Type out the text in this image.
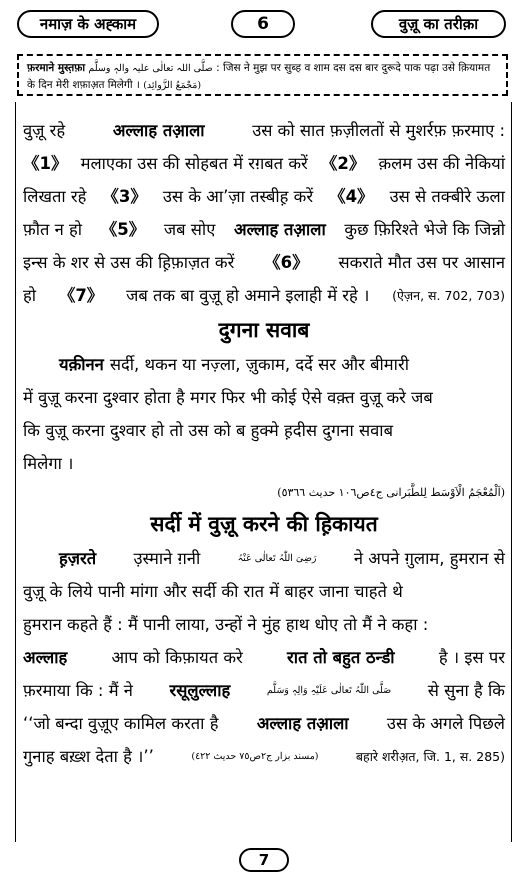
नमाज़ के अह्काम	6	वुज़ू का तरीक़ा
फ़रमाने मुस्त़फ़ा صلَّی اللہ تعالٰی علیہ والہٖ وسلَّم : जिस ने मुझ पर सुब्ह व शाम दस दस बार दुरूदे पाक पढ़ा उसे क़ियामत
के दिन मेरी शफ़ाअ़त मिलेगी । (مَجْمَعُ الزَّوائِد)
वुज़ू रहे	अल्लाह तआ़ला	उस को सात फ़ज़ीलतों से मुशर्रफ़ फ़रमाए :
《1》 मलाएका उस की सोहबत में रग़बत करें 《2》 क़लम उस की नेकियां
लिखता रहे 《3》 उस के आ’ज़ा तस्बीह़ करें 《4》 उस से तक्बीरे ऊला
फ़ौत न हो 《5》 जब सोए अल्लाह तआ़ला कुछ फ़िरिश्ते भेजे कि जिन्नो
इन्स के शर से उस की ह़िफ़ाज़त करें 《6》 सकराते मौत उस पर आसान
हो 《7》 जब तक बा वुज़ू हो अमाने इलाही में रहे । (ऐज़न, स. 702, 703)
दुगना सवाब
यक़ीनन सर्दी, थकन या नज़्ला, ज़ुकाम, दर्दे सर और बीमारी
में वुज़ू करना दुश्वार होता है मगर फिर भी कोई ऐसे वक़्त वुज़ू करे जब
कि वुज़ू करना दुश्वार हो तो उस को ब हुक्मे ह़दीस दुगना सवाब
मिलेगा ।
(اَلْمُعْجَمُ الْاَوْسَط لِلطَّبَرانی ج٤ص١٠٦ حدیث ٥٣٦٦)
सर्दी में वुज़ू करने की ह़िकायत
ह़ज़रते उ़स्माने ग़नी	رَضِیَ اللّٰہُ تَعالٰی عَنْہُ ने अपने ग़ुलाम, हुमरान से
वुज़ू के लिये पानी मांगा और सर्दी की रात में बाहर जाना चाहते थे
हुमरान कहते हैं : मैं पानी लाया, उन्हों ने मुंह हाथ धोए तो मैं ने कहा :
अल्लाह	आप को किफ़ायत करे	रात तो बहुत ठन्डी	है । इस पर
फ़रमाया कि : मैं ने रसूलुल्लाह	صَلَّی اللّٰہُ تَعالٰی عَلَیْہِ وَالِہٖ وَسَلَّم से सुना है कि
‘‘जो बन्दा वुज़ूए कामिल करता है अल्लाह तआ़ला उस के अगले पिछले
गुनाह बख़्श देता है ।’’	(مسند بزار ج٢ص٧٥ حدیث ٤٢٢)	बहारे शरीअ़त, जि. 1, स. 285)
7
